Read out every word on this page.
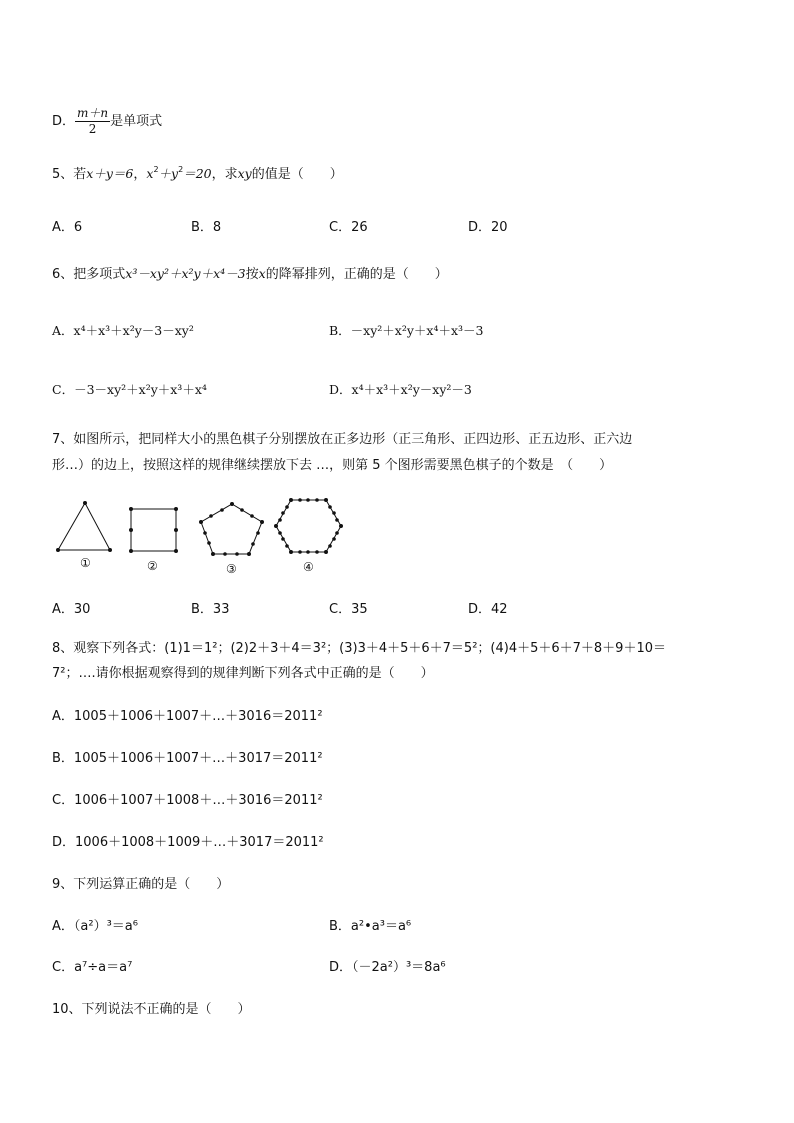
D． $\frac{m+n}{2}$ 是单项式
5、若x＋y＝6，$x^2+y^2=20$，求xy的值是（　　）
A．6	B．8	C．26	D．20
6、把多项式x³－xy²＋x²y＋x⁴－3按x的降幂排列，正确的是（　　）
A．x⁴＋x³＋x²y－3－xy²	B．－xy²＋x²y＋x⁴＋x³－3
C．－3－xy²＋x²y＋x³＋x⁴	D．x⁴＋x³＋x²y－xy²－3
7、如图所示，把同样大小的黑色棋子分别摆放在正多边形（正三角形、正四边形、正五边形、正六边
形…）的边上，按照这样的规律继续摆放下去 …，则第 5 个图形需要黑色棋子的个数是　（　　）
①	②	③	④
A．30	B．33	C．35	D．42
8、观察下列各式：(1)1＝1²；(2)2＋3＋4＝3²；(3)3＋4＋5＋6＋7＝5²；(4)4＋5＋6＋7＋8＋9＋10＝
7²；….请你根据观察得到的规律判断下列各式中正确的是（　　）
A．1005＋1006＋1007＋…＋3016＝2011²
B．1005＋1006＋1007＋…＋3017＝2011²
C．1006＋1007＋1008＋…＋3016＝2011²
D．1006＋1008＋1009＋…＋3017＝2011²
9、下列运算正确的是（　　）
A．（a²）³＝a⁶	B．a²•a³＝a⁶
C．a⁷÷a＝a⁷	D．（－2a²）³＝8a⁶
10、下列说法不正确的是（　　）
